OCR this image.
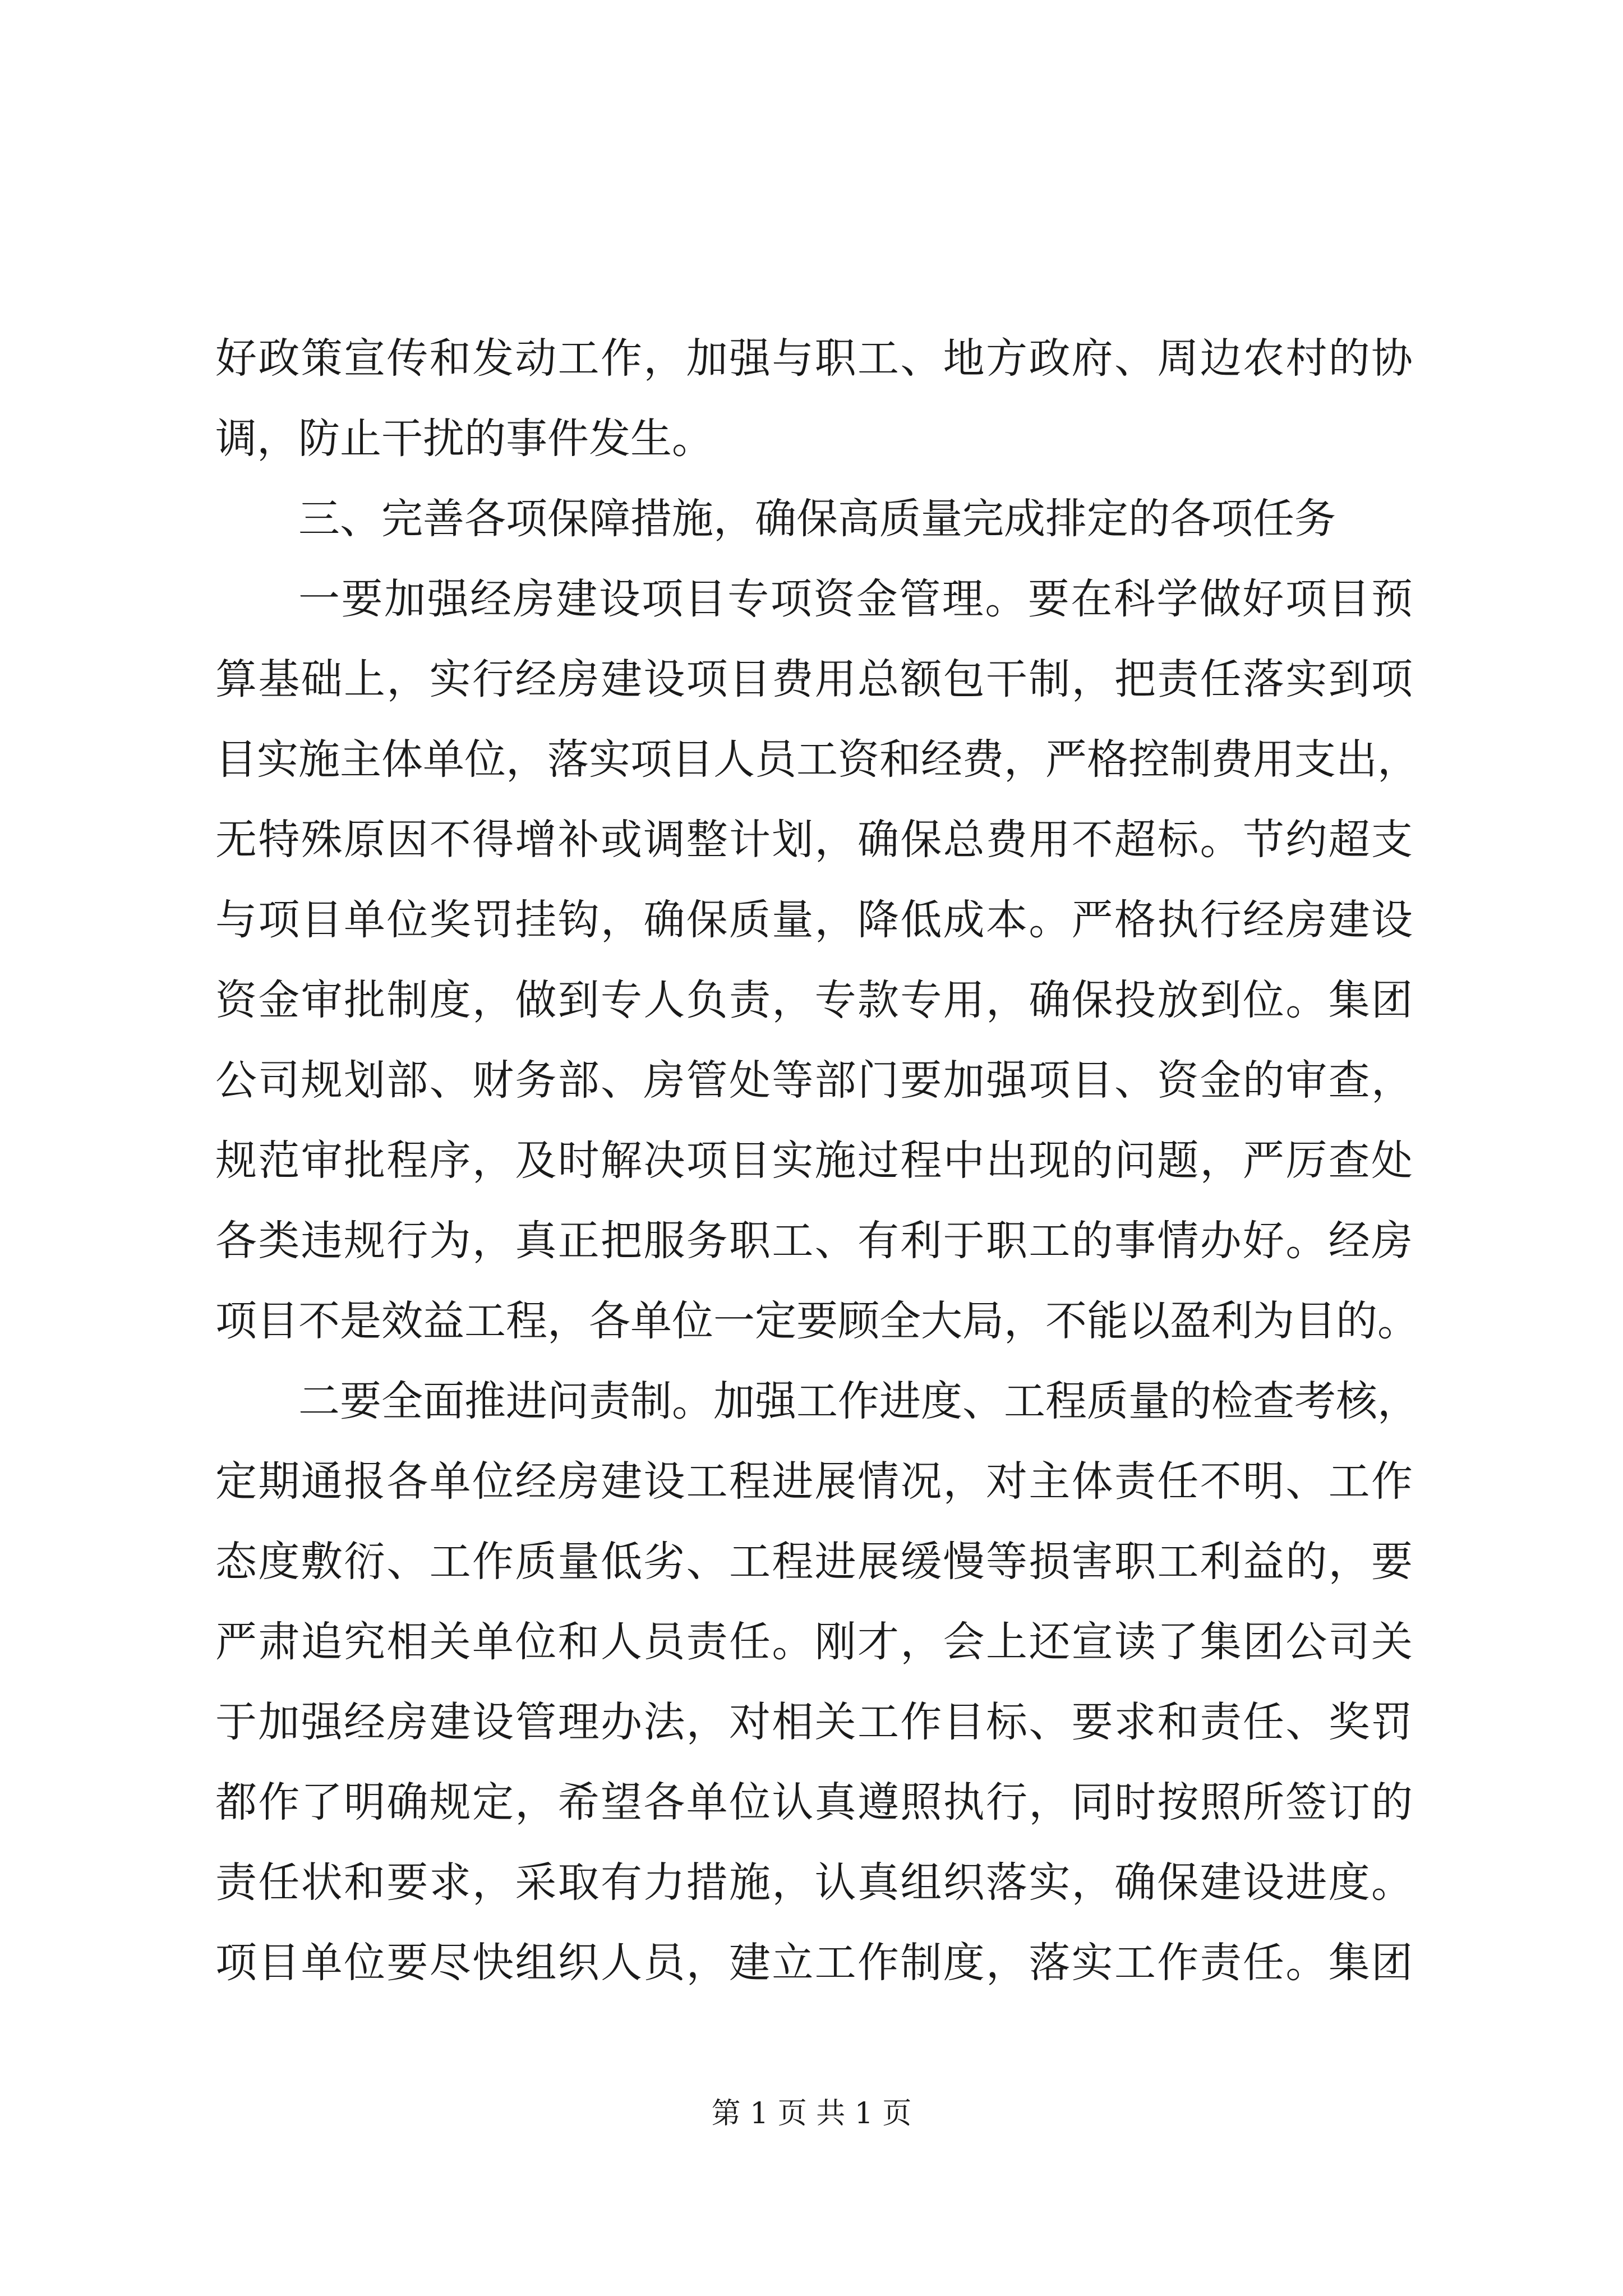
好政策宣传和发动工作，加强与职工、地方政府、周边农村的协
调，防止干扰的事件发生。
三、完善各项保障措施，确保高质量完成排定的各项任务
一要加强经房建设项目专项资金管理。要在科学做好项目预
算基础上，实行经房建设项目费用总额包干制，把责任落实到项
目实施主体单位，落实项目人员工资和经费，严格控制费用支出，
无特殊原因不得增补或调整计划，确保总费用不超标。节约超支
与项目单位奖罚挂钩，确保质量，降低成本。严格执行经房建设
资金审批制度，做到专人负责，专款专用，确保投放到位。集团
公司规划部、财务部、房管处等部门要加强项目、资金的审查，
规范审批程序，及时解决项目实施过程中出现的问题，严厉查处
各类违规行为，真正把服务职工、有利于职工的事情办好。经房
项目不是效益工程，各单位一定要顾全大局，不能以盈利为目的。
二要全面推进问责制。加强工作进度、工程质量的检查考核，
定期通报各单位经房建设工程进展情况，对主体责任不明、工作
态度敷衍、工作质量低劣、工程进展缓慢等损害职工利益的，要
严肃追究相关单位和人员责任。刚才，会上还宣读了集团公司关
于加强经房建设管理办法，对相关工作目标、要求和责任、奖罚
都作了明确规定，希望各单位认真遵照执行，同时按照所签订的
责任状和要求，采取有力措施，认真组织落实，确保建设进度。
项目单位要尽快组织人员，建立工作制度，落实工作责任。集团
第 1 页 共 1 页
